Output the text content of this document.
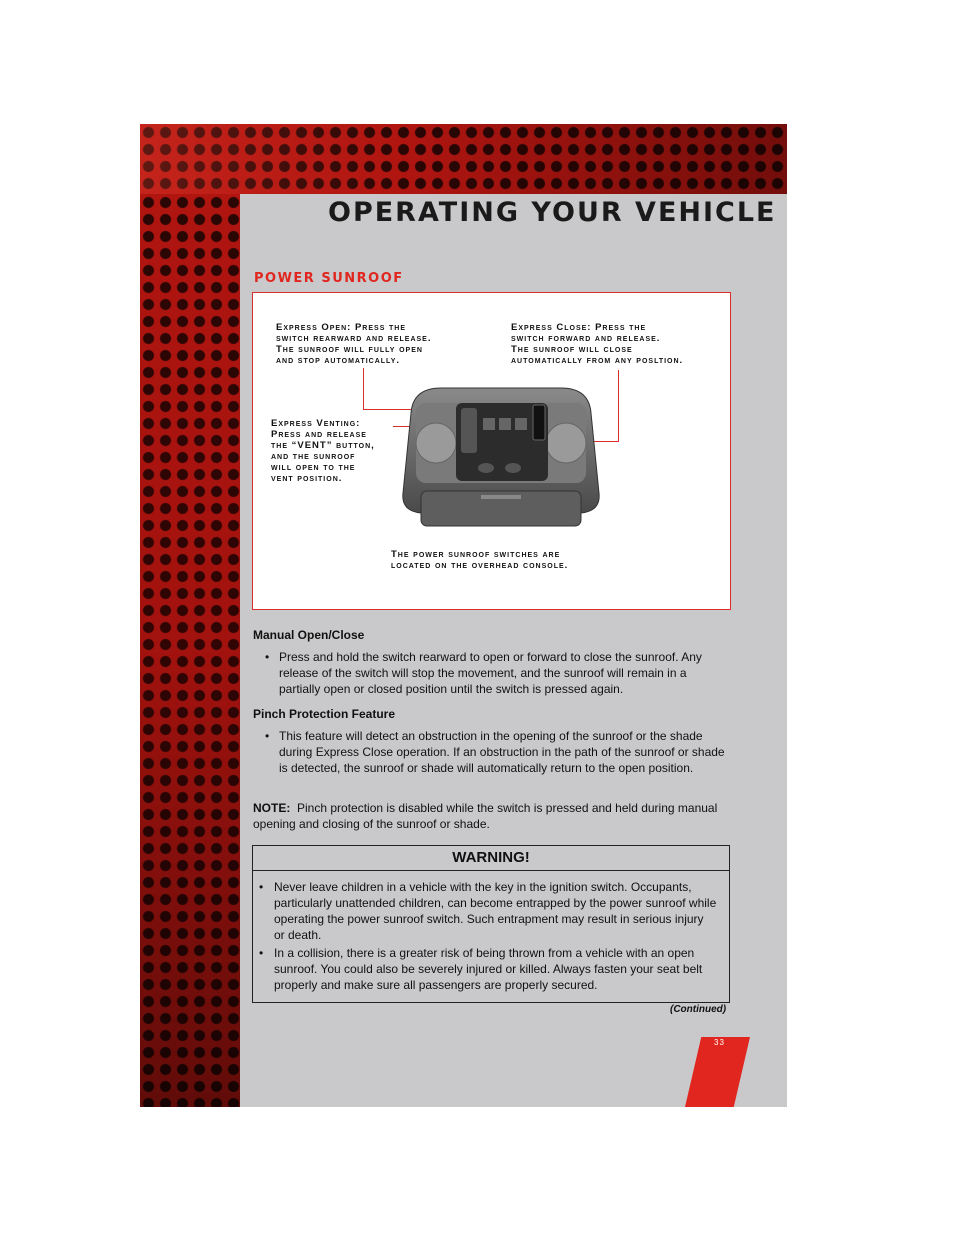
OPERATING YOUR VEHICLE
POWER SUNROOF
Express Open: Press the
switch rearward and release.
The sunroof will fully open
and stop automatically.
Express Close: Press the
switch forward and release.
The sunroof will close
automatically from any posltion.
Express Venting:
Press and release
the “VENT” button,
and the sunroof
will open to the
vent position.
The power sunroof switches are
located on the overhead console.
Manual Open/Close
• Press and hold the switch rearward to open or forward to close the sunroof. Any release of the switch will stop the movement, and the sunroof will remain in a partially open or closed position until the switch is pressed again.
Pinch Protection Feature
• This feature will detect an obstruction in the opening of the sunroof or the shade during Express Close operation. If an obstruction in the path of the sunroof or shade is detected, the sunroof or shade will automatically return to the open position.
NOTE: Pinch protection is disabled while the switch is pressed and held during manual opening and closing of the sunroof or shade.
WARNING!
• Never leave children in a vehicle with the key in the ignition switch. Occupants, particularly unattended children, can become entrapped by the power sunroof while operating the power sunroof switch. Such entrapment may result in serious injury or death.
• In a collision, there is a greater risk of being thrown from a vehicle with an open sunroof. You could also be severely injured or killed. Always fasten your seat belt properly and make sure all passengers are properly secured.
(Continued)
33
